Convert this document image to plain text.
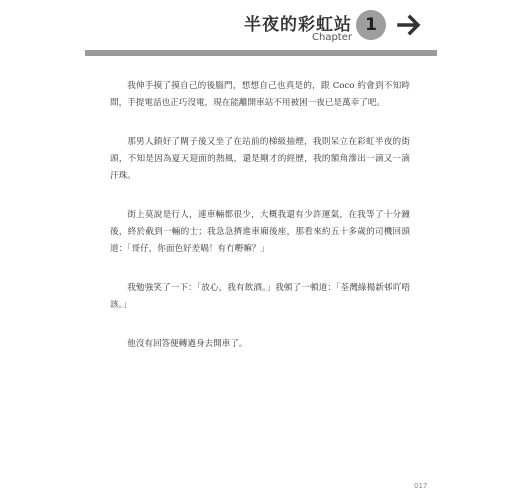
半夜的彩虹站
Chapter
1

我伸手摸了摸自己的後腦門，想想自己也真是的，跟 Coco 約會到不知時間，手提電話也正巧沒電，現在能離開車站不用被困一夜已是萬幸了吧。

那男人鎖好了閘子後又坐了在站前的梯級抽煙，我則呆立在彩虹半夜的街頭，不知是因為夏天迎面的熱風，還是剛才的經歷，我的額角滲出一滴又一滴汗珠。

街上莫說是行人，連車輛都很少，大概我還有少許運氣，在我等了十分鐘後，終於截到一輛的士；我急急擠進車廂後座，那看來約五十多歲的司機回頭道：「哥仔，你面色好差喎！有冇嘢嘛？」

我勉強笑了一下：「放心，我有飲酒。」我頓了一頓道：「荃灣綠楊新邨吖唔該。」

他沒有回答便轉過身去開車了。

017
